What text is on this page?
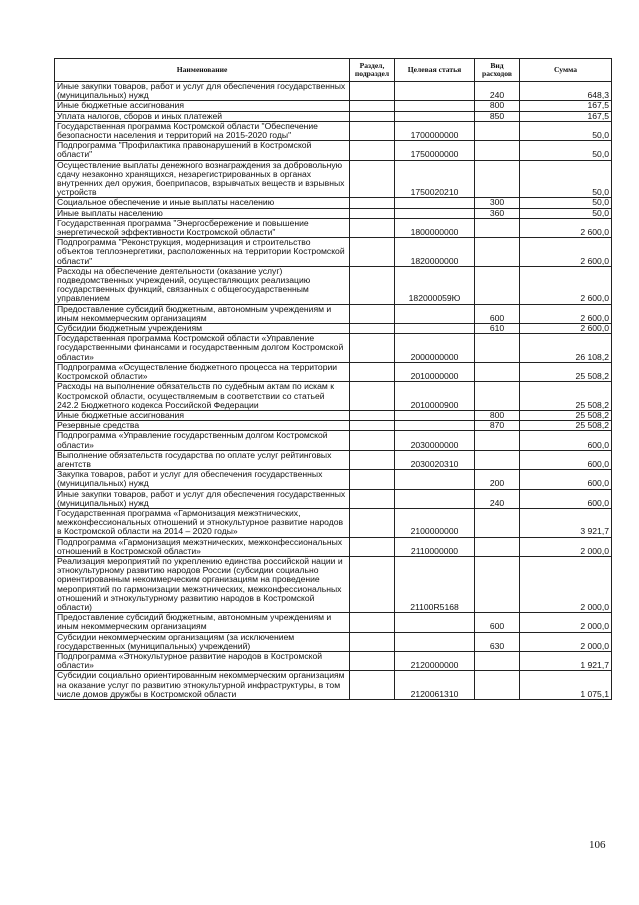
Наименование	Раздел, подраздел	Целевая статья	Вид расходов	Сумма
Иные закупки товаров, работ и услуг для обеспечения государственных (муниципальных) нужд			240	648,3
Иные бюджетные ассигнования			800	167,5
Уплата налогов, сборов и иных платежей			850	167,5
Государственная программа Костромской области "Обеспечение безопасности населения и территорий на 2015-2020 годы"		1700000000		50,0
Подпрограмма "Профилактика правонарушений в Костромской области"		1750000000		50,0
Осуществление выплаты денежного вознаграждения за добровольную сдачу незаконно хранящихся, незарегистрированных в органах внутренних дел оружия, боеприпасов, взрывчатых веществ и взрывных устройств		1750020210		50,0
Социальное обеспечение и иные выплаты населению			300	50,0
Иные выплаты населению			360	50,0
Государственная программа "Энергосбережение и повышение энергетической эффективности Костромской области"		1800000000		2 600,0
Подпрограмма "Реконструкция, модернизация и строительство объектов теплоэнергетики, расположенных на территории Костромской области"		1820000000		2 600,0
Расходы на обеспечение деятельности (оказание услуг) подведомственных учреждений, осуществляющих реализацию государственных функций, связанных с общегосударственным управлением		182000059Ю		2 600,0
Предоставление субсидий бюджетным, автономным учреждениям и иным некоммерческим организациям			600	2 600,0
Субсидии бюджетным учреждениям			610	2 600,0
Государственная программа Костромской области «Управление государственными финансами и государственным долгом Костромской области»		2000000000		26 108,2
Подпрограмма «Осуществление бюджетного процесса на территории Костромской области»		2010000000		25 508,2
Расходы на выполнение обязательств по судебным актам по искам к Костромской области, осуществляемым в соответствии со статьей 242.2 Бюджетного кодекса Российской Федерации		2010000900		25 508,2
Иные бюджетные ассигнования			800	25 508,2
Резервные средства			870	25 508,2
Подпрограмма «Управление государственным долгом Костромской области»		2030000000		600,0
Выполнение обязательств государства по оплате услуг рейтинговых агентств		2030020310		600,0
Закупка товаров, работ и услуг для обеспечения государственных (муниципальных) нужд			200	600,0
Иные закупки товаров, работ и услуг для обеспечения государственных (муниципальных) нужд			240	600,0
Государственная программа «Гармонизация межэтнических, межконфессиональных отношений и этнокультурное развитие народов в Костромской области на 2014 – 2020 годы»		2100000000		3 921,7
Подпрограмма «Гармонизация межэтнических, межконфессиональных отношений в Костромской области»		2110000000		2 000,0
Реализация мероприятий по укреплению единства российской нации и этнокультурному развитию народов России (субсидии социально ориентированным некоммерческим организациям на проведение мероприятий по гармонизации межэтнических, межконфессиональных отношений и этнокультурному развитию народов в Костромской области)		21100R5168		2 000,0
Предоставление субсидий бюджетным, автономным учреждениям и иным некоммерческим организациям			600	2 000,0
Субсидии некоммерческим организациям (за исключением государственных (муниципальных) учреждений)			630	2 000,0
Подпрограмма «Этнокультурное развитие народов в Костромской области»		2120000000		1 921,7
Субсидии социально ориентированным некоммерческим организациям на оказание услуг по развитию этнокультурной инфраструктуры, в том числе домов дружбы в Костромской области		2120061310		1 075,1
106
